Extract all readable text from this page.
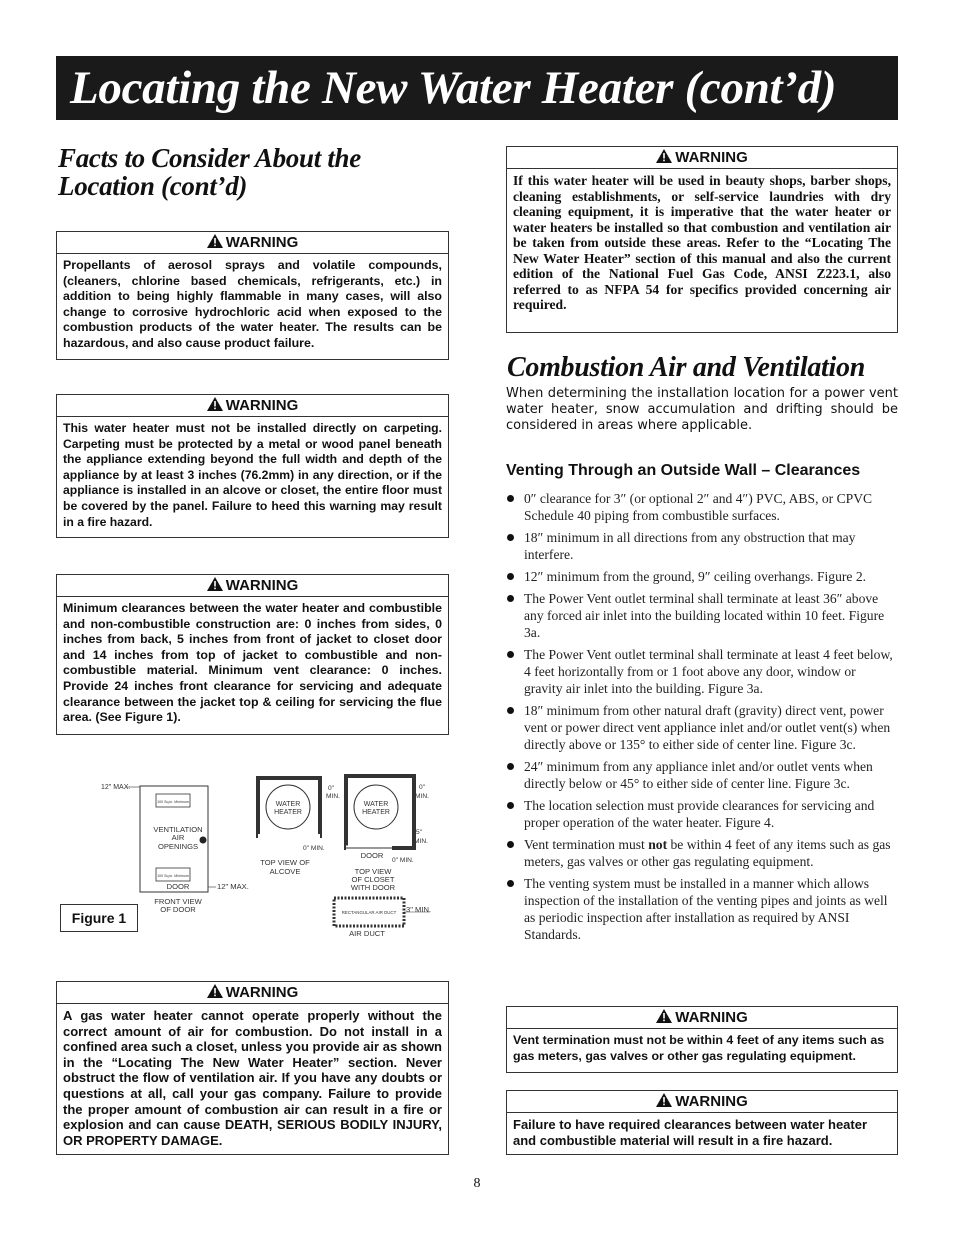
Locating the New Water Heater (cont’d)
Facts to Consider About the Location (cont’d)
WARNING
Propellants of aerosol sprays and volatile compounds, (cleaners, chlorine based chemicals, refrigerants, etc.) in addition to being highly flammable in many cases, will also change to corrosive hydrochloric acid when exposed to the combustion products of the water heater. The results can be hazardous, and also cause product failure.
WARNING
This water heater must not be installed directly on carpeting. Carpeting must be protected by a metal or wood panel beneath the appliance extending beyond the full width and depth of the appliance by at least 3 inches (76.2mm) in any direction, or if the appliance is installed in an alcove or closet, the entire floor must be covered by the panel. Failure to heed this warning may result in a fire hazard.
WARNING
Minimum clearances between the water heater and combustible and non-combustible construction are: 0 inches from sides, 0 inches from back, 5 inches from front of jacket to closet door and 14 inches from top of jacket to combustible and non-combustible material. Minimum vent clearance: 0 inches. Provide 24 inches front clearance for servicing and adequate clearance between the jacket top & ceiling for servicing the flue area. (See Figure 1).
100 Sq.in. Minimum
100 Sq.in. Minimum
12" MAX.
VENTILATION
AIR
OPENINGS
DOOR	12" MAX.
FRONT VIEW
OF DOOR
WATER
HEATER
0"
MIN.
0" MIN.
TOP VIEW OF
ALCOVE
WATER
HEATER
0"
MIN.
5"
MIN.
DOOR
0" MIN.
TOP VIEW
OF CLOSET
WITH DOOR
RECTANGULAR AIR DUCT 3" MIN.
AIR DUCT
Figure 1
WARNING
A gas water heater cannot operate properly without the correct amount of air for combustion. Do not install in a confined area such a closet, unless you provide air as shown in the “Locating The New Water Heater” section. Never obstruct the flow of ventilation air. If you have any doubts or questions at all, call your gas company. Failure to provide the proper amount of combustion air can result in a fire or explosion and can cause DEATH, SERIOUS BODILY INJURY, OR PROPERTY DAMAGE.
WARNING
If this water heater will be used in beauty shops, barber shops, cleaning establishments, or self-service laundries with dry cleaning equipment, it is imperative that the water heater or water heaters be installed so that combustion and ventilation air be taken from outside these areas. Refer to the “Locating The New Water Heater” section of this manual and also the current edition of the National Fuel Gas Code, ANSI Z223.1, also referred to as NFPA 54 for specifics provided concerning air required.
Combustion Air and Ventilation
When determining the installation location for a power vent water heater, snow accumulation and drifting should be considered in areas where applicable.
Venting Through an Outside Wall – Clearances
0″ clearance for 3″ (or optional 2″ and 4″) PVC, ABS, or CPVC Schedule 40 piping from combustible surfaces.
18″ minimum in all directions from any obstruction that may interfere.
12″ minimum from the ground, 9″ ceiling overhangs. Figure 2.
The Power Vent outlet terminal shall terminate at least 36″ above any forced air inlet into the building located within 10 feet. Figure 3a.
The Power Vent outlet terminal shall terminate at least 4 feet below, 4 feet horizontally from or 1 foot above any door, window or gravity air inlet into the building. Figure 3a.
18″ minimum from other natural draft (gravity) direct vent, power vent or power direct vent appliance inlet and/or outlet vent(s) when directly above or 135° to either side of center line. Figure 3c.
24″ minimum from any appliance inlet and/or outlet vents when directly below or 45° to either side of center line. Figure 3c.
The location selection must provide clearances for servicing and proper operation of the water heater. Figure 4.
Vent termination must not be within 4 feet of any items such as gas meters, gas valves or other gas regulating equipment.
The venting system must be installed in a manner which allows inspection of the installation of the venting pipes and joints as well as periodic inspection after installation as required by ANSI Standards.
WARNING
Vent termination must not be within 4 feet of any items such as gas meters, gas valves or other gas regulating equipment.
WARNING
Failure to have required clearances between water heater and combustible material will result in a fire hazard.
8
